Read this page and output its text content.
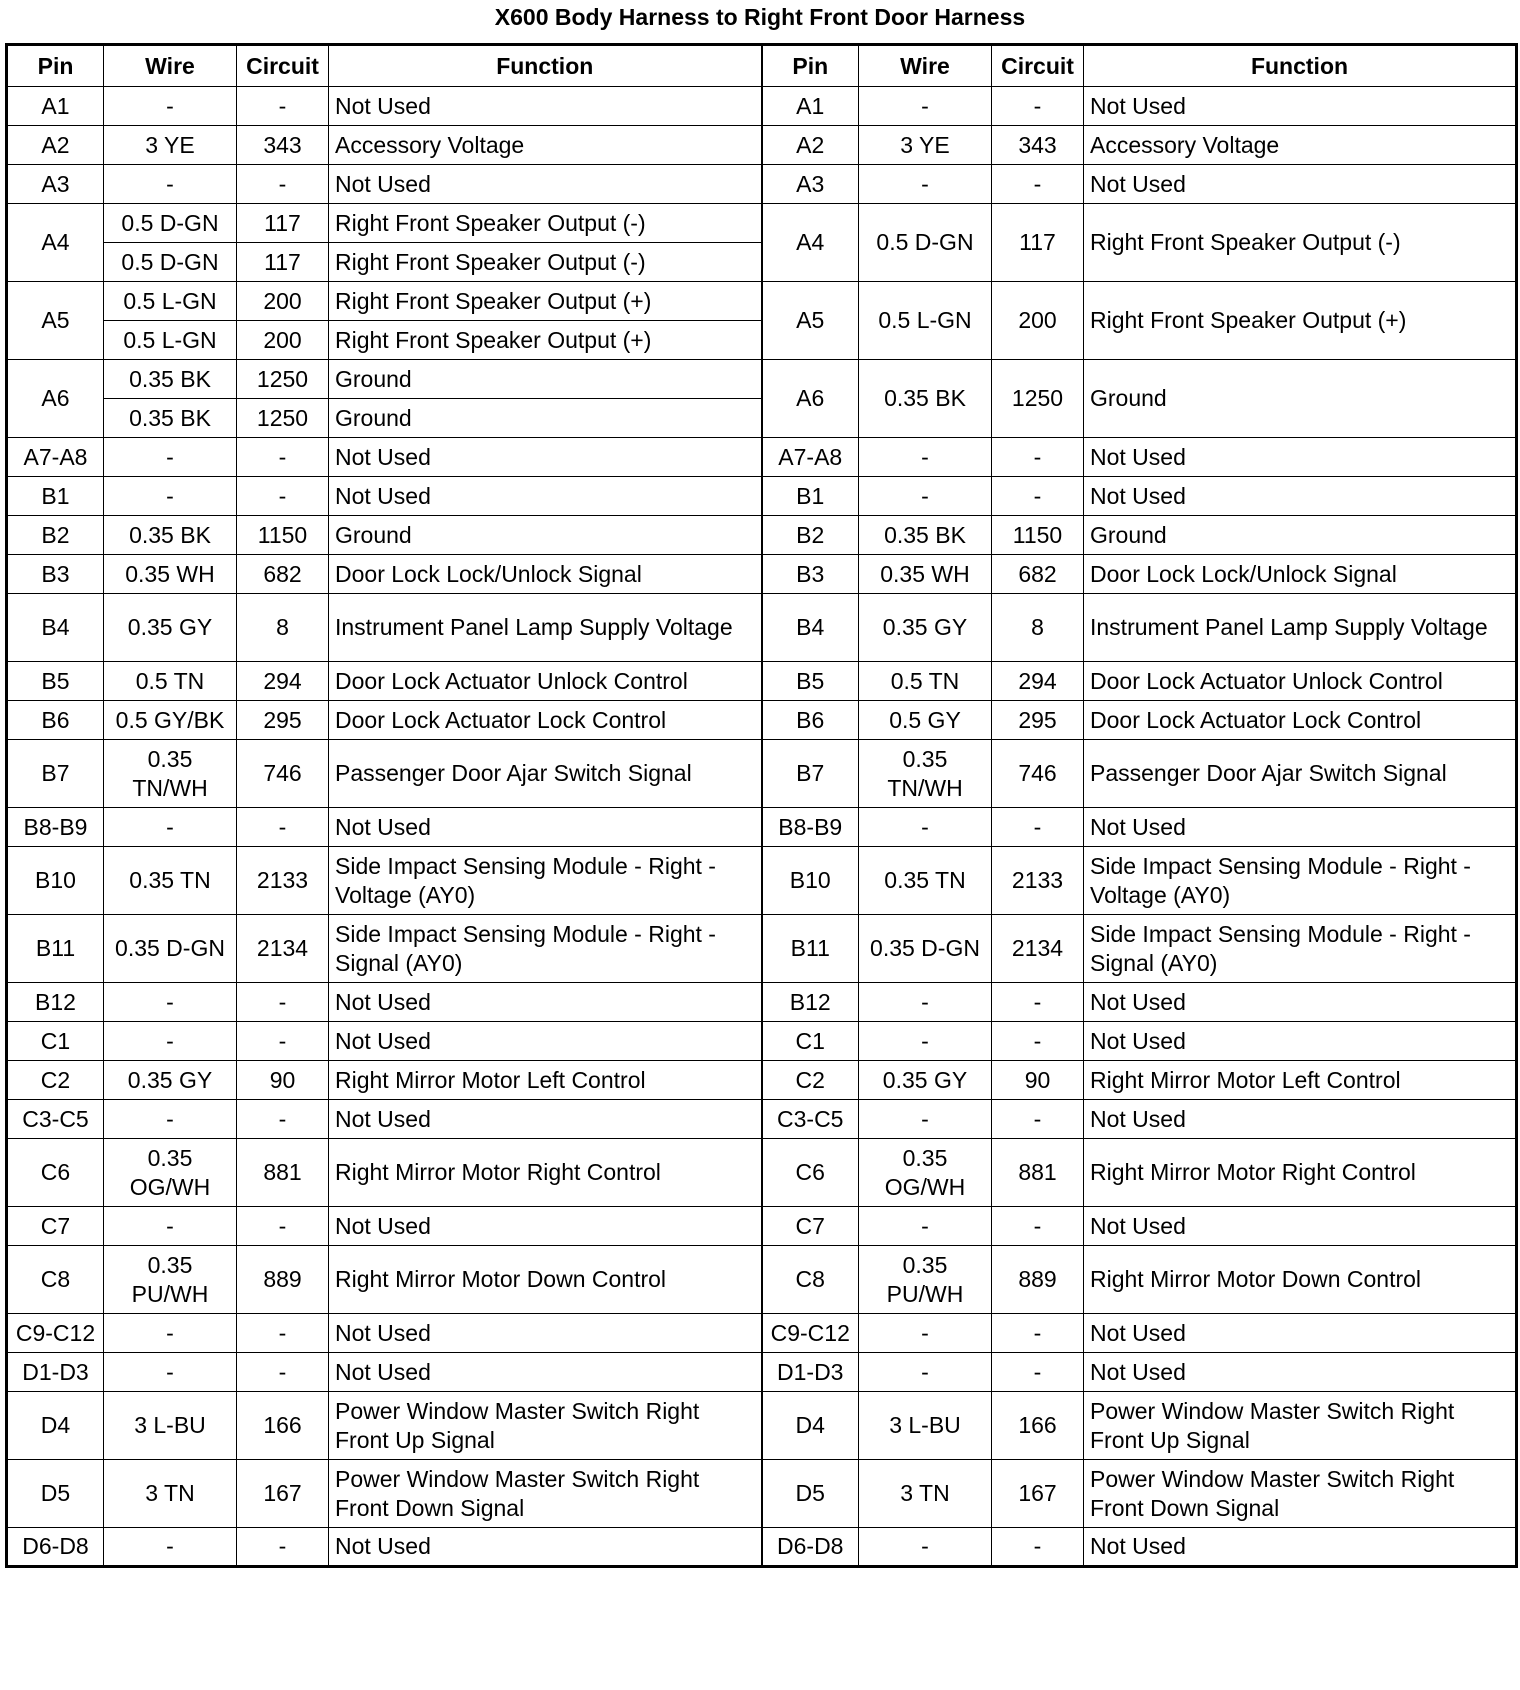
X600 Body Harness to Right Front Door Harness
Pin	Wire	Circuit	Function	Pin	Wire	Circuit	Function
A1	-	-	Not Used	A1	-	-	Not Used
A2	3 YE	343	Accessory Voltage	A2	3 YE	343	Accessory Voltage
A3	-	-	Not Used	A3	-	-	Not Used
A4	0.5 D-GN	117	Right Front Speaker Output (-)	A4	0.5 D-GN	117	Right Front Speaker Output (-)
	0.5 D-GN	117	Right Front Speaker Output (-)				
A5	0.5 L-GN	200	Right Front Speaker Output (+)	A5	0.5 L-GN	200	Right Front Speaker Output (+)
	0.5 L-GN	200	Right Front Speaker Output (+)				
A6	0.35 BK	1250	Ground	A6	0.35 BK	1250	Ground
	0.35 BK	1250	Ground				
A7-A8	-	-	Not Used	A7-A8	-	-	Not Used
B1	-	-	Not Used	B1	-	-	Not Used
B2	0.35 BK	1150	Ground	B2	0.35 BK	1150	Ground
B3	0.35 WH	682	Door Lock Lock/Unlock Signal	B3	0.35 WH	682	Door Lock Lock/Unlock Signal
B4	0.35 GY	8	Instrument Panel Lamp Supply Voltage	B4	0.35 GY	8	Instrument Panel Lamp Supply Voltage
B5	0.5 TN	294	Door Lock Actuator Unlock Control	B5	0.5 TN	294	Door Lock Actuator Unlock Control
B6	0.5 GY/BK	295	Door Lock Actuator Lock Control	B6	0.5 GY	295	Door Lock Actuator Lock Control
B7	0.35 TN/WH	746	Passenger Door Ajar Switch Signal	B7	0.35 TN/WH	746	Passenger Door Ajar Switch Signal
B8-B9	-	-	Not Used	B8-B9	-	-	Not Used
B10	0.35 TN	2133	Side Impact Sensing Module - Right - Voltage (AY0)	B10	0.35 TN	2133	Side Impact Sensing Module - Right - Voltage (AY0)
B11	0.35 D-GN	2134	Side Impact Sensing Module - Right - Signal (AY0)	B11	0.35 D-GN	2134	Side Impact Sensing Module - Right - Signal (AY0)
B12	-	-	Not Used	B12	-	-	Not Used
C1	-	-	Not Used	C1	-	-	Not Used
C2	0.35 GY	90	Right Mirror Motor Left Control	C2	0.35 GY	90	Right Mirror Motor Left Control
C3-C5	-	-	Not Used	C3-C5	-	-	Not Used
C6	0.35 OG/WH	881	Right Mirror Motor Right Control	C6	0.35 OG/WH	881	Right Mirror Motor Right Control
C7	-	-	Not Used	C7	-	-	Not Used
C8	0.35 PU/WH	889	Right Mirror Motor Down Control	C8	0.35 PU/WH	889	Right Mirror Motor Down Control
C9-C12	-	-	Not Used	C9-C12	-	-	Not Used
D1-D3	-	-	Not Used	D1-D3	-	-	Not Used
D4	3 L-BU	166	Power Window Master Switch Right Front Up Signal	D4	3 L-BU	166	Power Window Master Switch Right Front Up Signal
D5	3 TN	167	Power Window Master Switch Right Front Down Signal	D5	3 TN	167	Power Window Master Switch Right Front Down Signal
D6-D8	-	-	Not Used	D6-D8	-	-	Not Used
